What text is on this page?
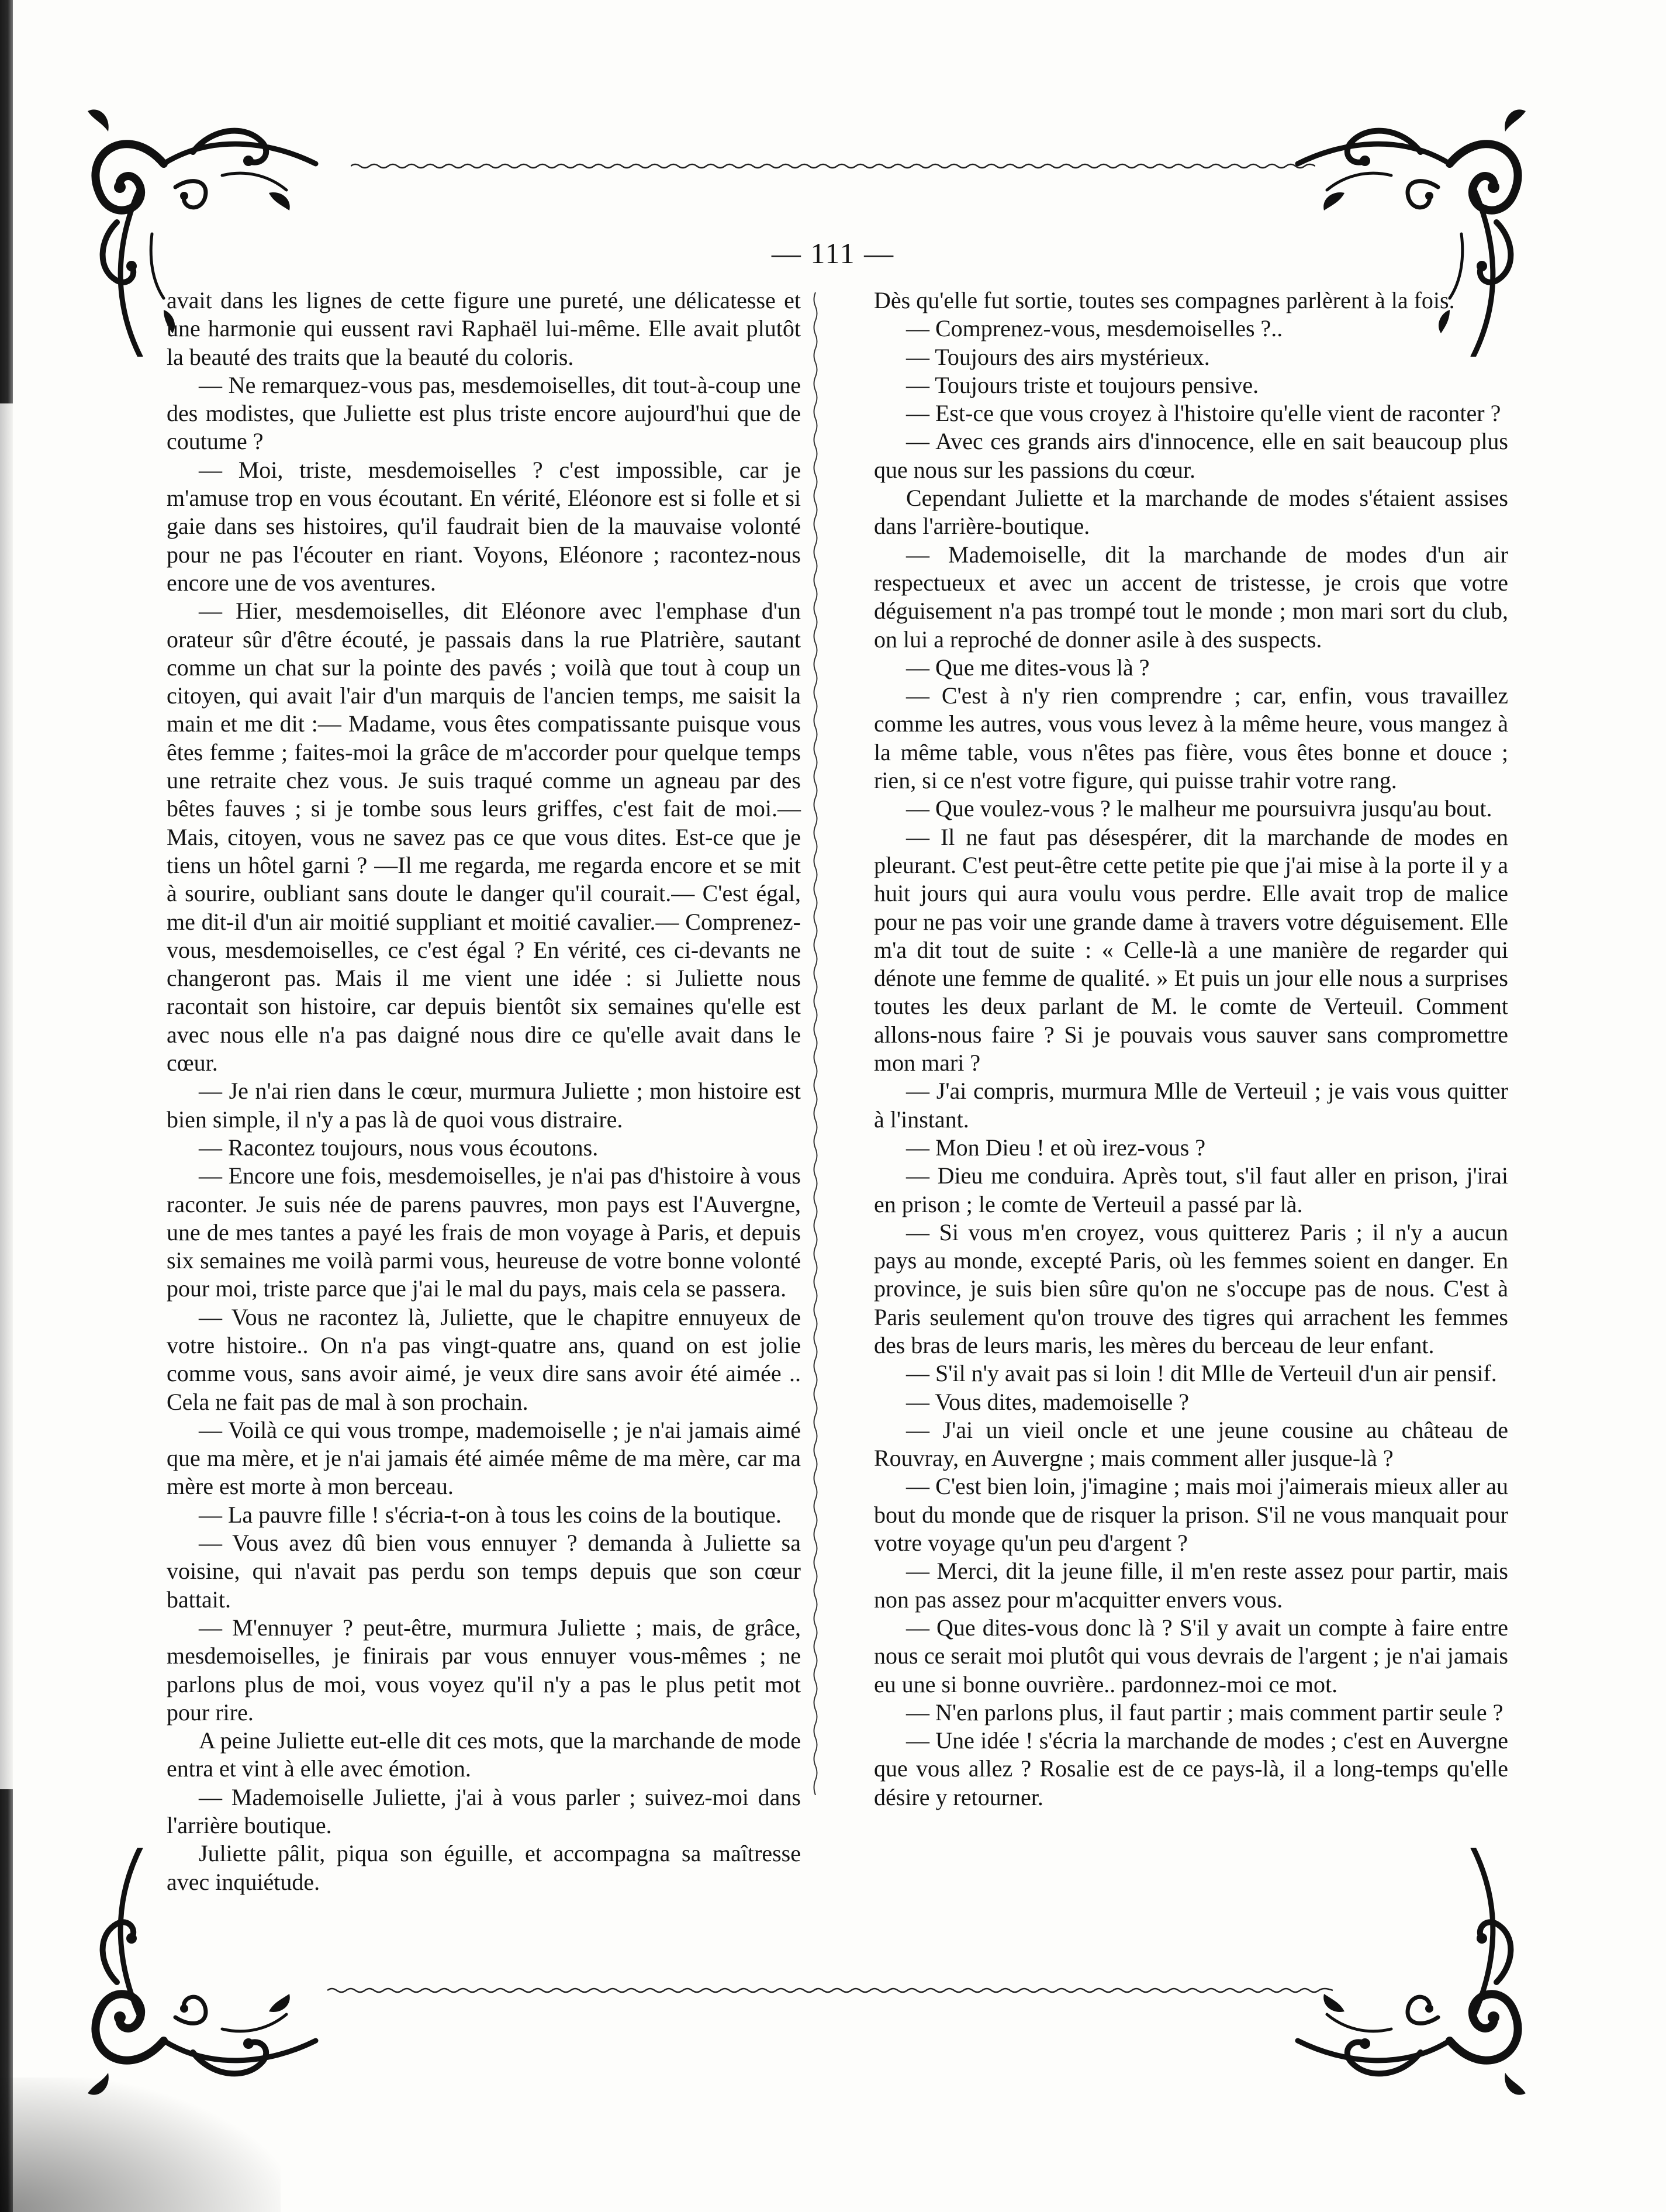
— 111 —

avait dans les lignes de cette figure une pureté, une délicatesse et une harmonie qui eussent ravi Raphaël lui-même. Elle avait plutôt la beauté des traits que la beauté du coloris.

— Ne remarquez-vous pas, mesdemoiselles, dit tout-à-coup une des modistes, que Juliette est plus triste encore aujourd'hui que de coutume ?

— Moi, triste, mesdemoiselles ? c'est impossible, car je m'amuse trop en vous écoutant. En vérité, Eléonore est si folle et si gaie dans ses histoires, qu'il faudrait bien de la mauvaise volonté pour ne pas l'écouter en riant. Voyons, Eléonore ; racontez-nous encore une de vos aventures.

— Hier, mesdemoiselles, dit Eléonore avec l'emphase d'un orateur sûr d'être écouté, je passais dans la rue Platrière, sautant comme un chat sur la pointe des pavés ; voilà que tout à coup un citoyen, qui avait l'air d'un marquis de l'ancien temps, me saisit la main et me dit :— Madame, vous êtes compatissante puisque vous êtes femme ; faites-moi la grâce de m'accorder pour quelque temps une retraite chez vous. Je suis traqué comme un agneau par des bêtes fauves ; si je tombe sous leurs griffes, c'est fait de moi.—Mais, citoyen, vous ne savez pas ce que vous dites. Est-ce que je tiens un hôtel garni ? —Il me regarda, me regarda encore et se mit à sourire, oubliant sans doute le danger qu'il courait.— C'est égal, me dit-il d'un air moitié suppliant et moitié cavalier.— Comprenez-vous, mesdemoiselles, ce c'est égal ? En vérité, ces ci-devants ne changeront pas. Mais il me vient une idée : si Juliette nous racontait son histoire, car depuis bientôt six semaines qu'elle est avec nous elle n'a pas daigné nous dire ce qu'elle avait dans le cœur.

— Je n'ai rien dans le cœur, murmura Juliette ; mon histoire est bien simple, il n'y a pas là de quoi vous distraire.

— Racontez toujours, nous vous écoutons.

— Encore une fois, mesdemoiselles, je n'ai pas d'histoire à vous raconter. Je suis née de parens pauvres, mon pays est l'Auvergne, une de mes tantes a payé les frais de mon voyage à Paris, et depuis six semaines me voilà parmi vous, heureuse de votre bonne volonté pour moi, triste parce que j'ai le mal du pays, mais cela se passera.

— Vous ne racontez là, Juliette, que le chapitre ennuyeux de votre histoire.. On n'a pas vingt-quatre ans, quand on est jolie comme vous, sans avoir aimé, je veux dire sans avoir été aimée .. Cela ne fait pas de mal à son prochain.

— Voilà ce qui vous trompe, mademoiselle ; je n'ai jamais aimé que ma mère, et je n'ai jamais été aimée même de ma mère, car ma mère est morte à mon berceau.

— La pauvre fille ! s'écria-t-on à tous les coins de la boutique.

— Vous avez dû bien vous ennuyer ? demanda à Juliette sa voisine, qui n'avait pas perdu son temps depuis que son cœur battait.

— M'ennuyer ? peut-être, murmura Juliette ; mais, de grâce, mesdemoiselles, je finirais par vous ennuyer vous-mêmes ; ne parlons plus de moi, vous voyez qu'il n'y a pas le plus petit mot pour rire.

A peine Juliette eut-elle dit ces mots, que la marchande de mode entra et vint à elle avec émotion.

— Mademoiselle Juliette, j'ai à vous parler ; suivez-moi dans l'arrière boutique.

Juliette pâlit, piqua son éguille, et accompagna sa maîtresse avec inquiétude.

Dès qu'elle fut sortie, toutes ses compagnes parlèrent à la fois.

— Comprenez-vous, mesdemoiselles ?..

— Toujours des airs mystérieux.

— Toujours triste et toujours pensive.

— Est-ce que vous croyez à l'histoire qu'elle vient de raconter ?

— Avec ces grands airs d'innocence, elle en sait beaucoup plus que nous sur les passions du cœur.

Cependant Juliette et la marchande de modes s'étaient assises dans l'arrière-boutique.

— Mademoiselle, dit la marchande de modes d'un air respectueux et avec un accent de tristesse, je crois que votre déguisement n'a pas trompé tout le monde ; mon mari sort du club, on lui a reproché de donner asile à des suspects.

— Que me dites-vous là ?

— C'est à n'y rien comprendre ; car, enfin, vous travaillez comme les autres, vous vous levez à la même heure, vous mangez à la même table, vous n'êtes pas fière, vous êtes bonne et douce ; rien, si ce n'est votre figure, qui puisse trahir votre rang.

— Que voulez-vous ? le malheur me poursuivra jusqu'au bout.

— Il ne faut pas désespérer, dit la marchande de modes en pleurant. C'est peut-être cette petite pie que j'ai mise à la porte il y a huit jours qui aura voulu vous perdre. Elle avait trop de malice pour ne pas voir une grande dame à travers votre déguisement. Elle m'a dit tout de suite : « Celle-là a une manière de regarder qui dénote une femme de qualité. » Et puis un jour elle nous a surprises toutes les deux parlant de M. le comte de Verteuil. Comment allons-nous faire ? Si je pouvais vous sauver sans compromettre mon mari ?

— J'ai compris, murmura Mlle de Verteuil ; je vais vous quitter à l'instant.

— Mon Dieu ! et où irez-vous ?

— Dieu me conduira. Après tout, s'il faut aller en prison, j'irai en prison ; le comte de Verteuil a passé par là.

— Si vous m'en croyez, vous quitterez Paris ; il n'y a aucun pays au monde, excepté Paris, où les femmes soient en danger. En province, je suis bien sûre qu'on ne s'occupe pas de nous. C'est à Paris seulement qu'on trouve des tigres qui arrachent les femmes des bras de leurs maris, les mères du berceau de leur enfant.

— S'il n'y avait pas si loin ! dit Mlle de Verteuil d'un air pensif.

— Vous dites, mademoiselle ?

— J'ai un vieil oncle et une jeune cousine au château de Rouvray, en Auvergne ; mais comment aller jusque-là ?

— C'est bien loin, j'imagine ; mais moi j'aimerais mieux aller au bout du monde que de risquer la prison. S'il ne vous manquait pour votre voyage qu'un peu d'argent ?

— Merci, dit la jeune fille, il m'en reste assez pour partir, mais non pas assez pour m'acquitter envers vous.

— Que dites-vous donc là ? S'il y avait un compte à faire entre nous ce serait moi plutôt qui vous devrais de l'argent ; je n'ai jamais eu une si bonne ouvrière.. pardonnez-moi ce mot.

— N'en parlons plus, il faut partir ; mais comment partir seule ?

— Une idée ! s'écria la marchande de modes ; c'est en Auvergne que vous allez ? Rosalie est de ce pays-là, il a long-temps qu'elle désire y retourner.
